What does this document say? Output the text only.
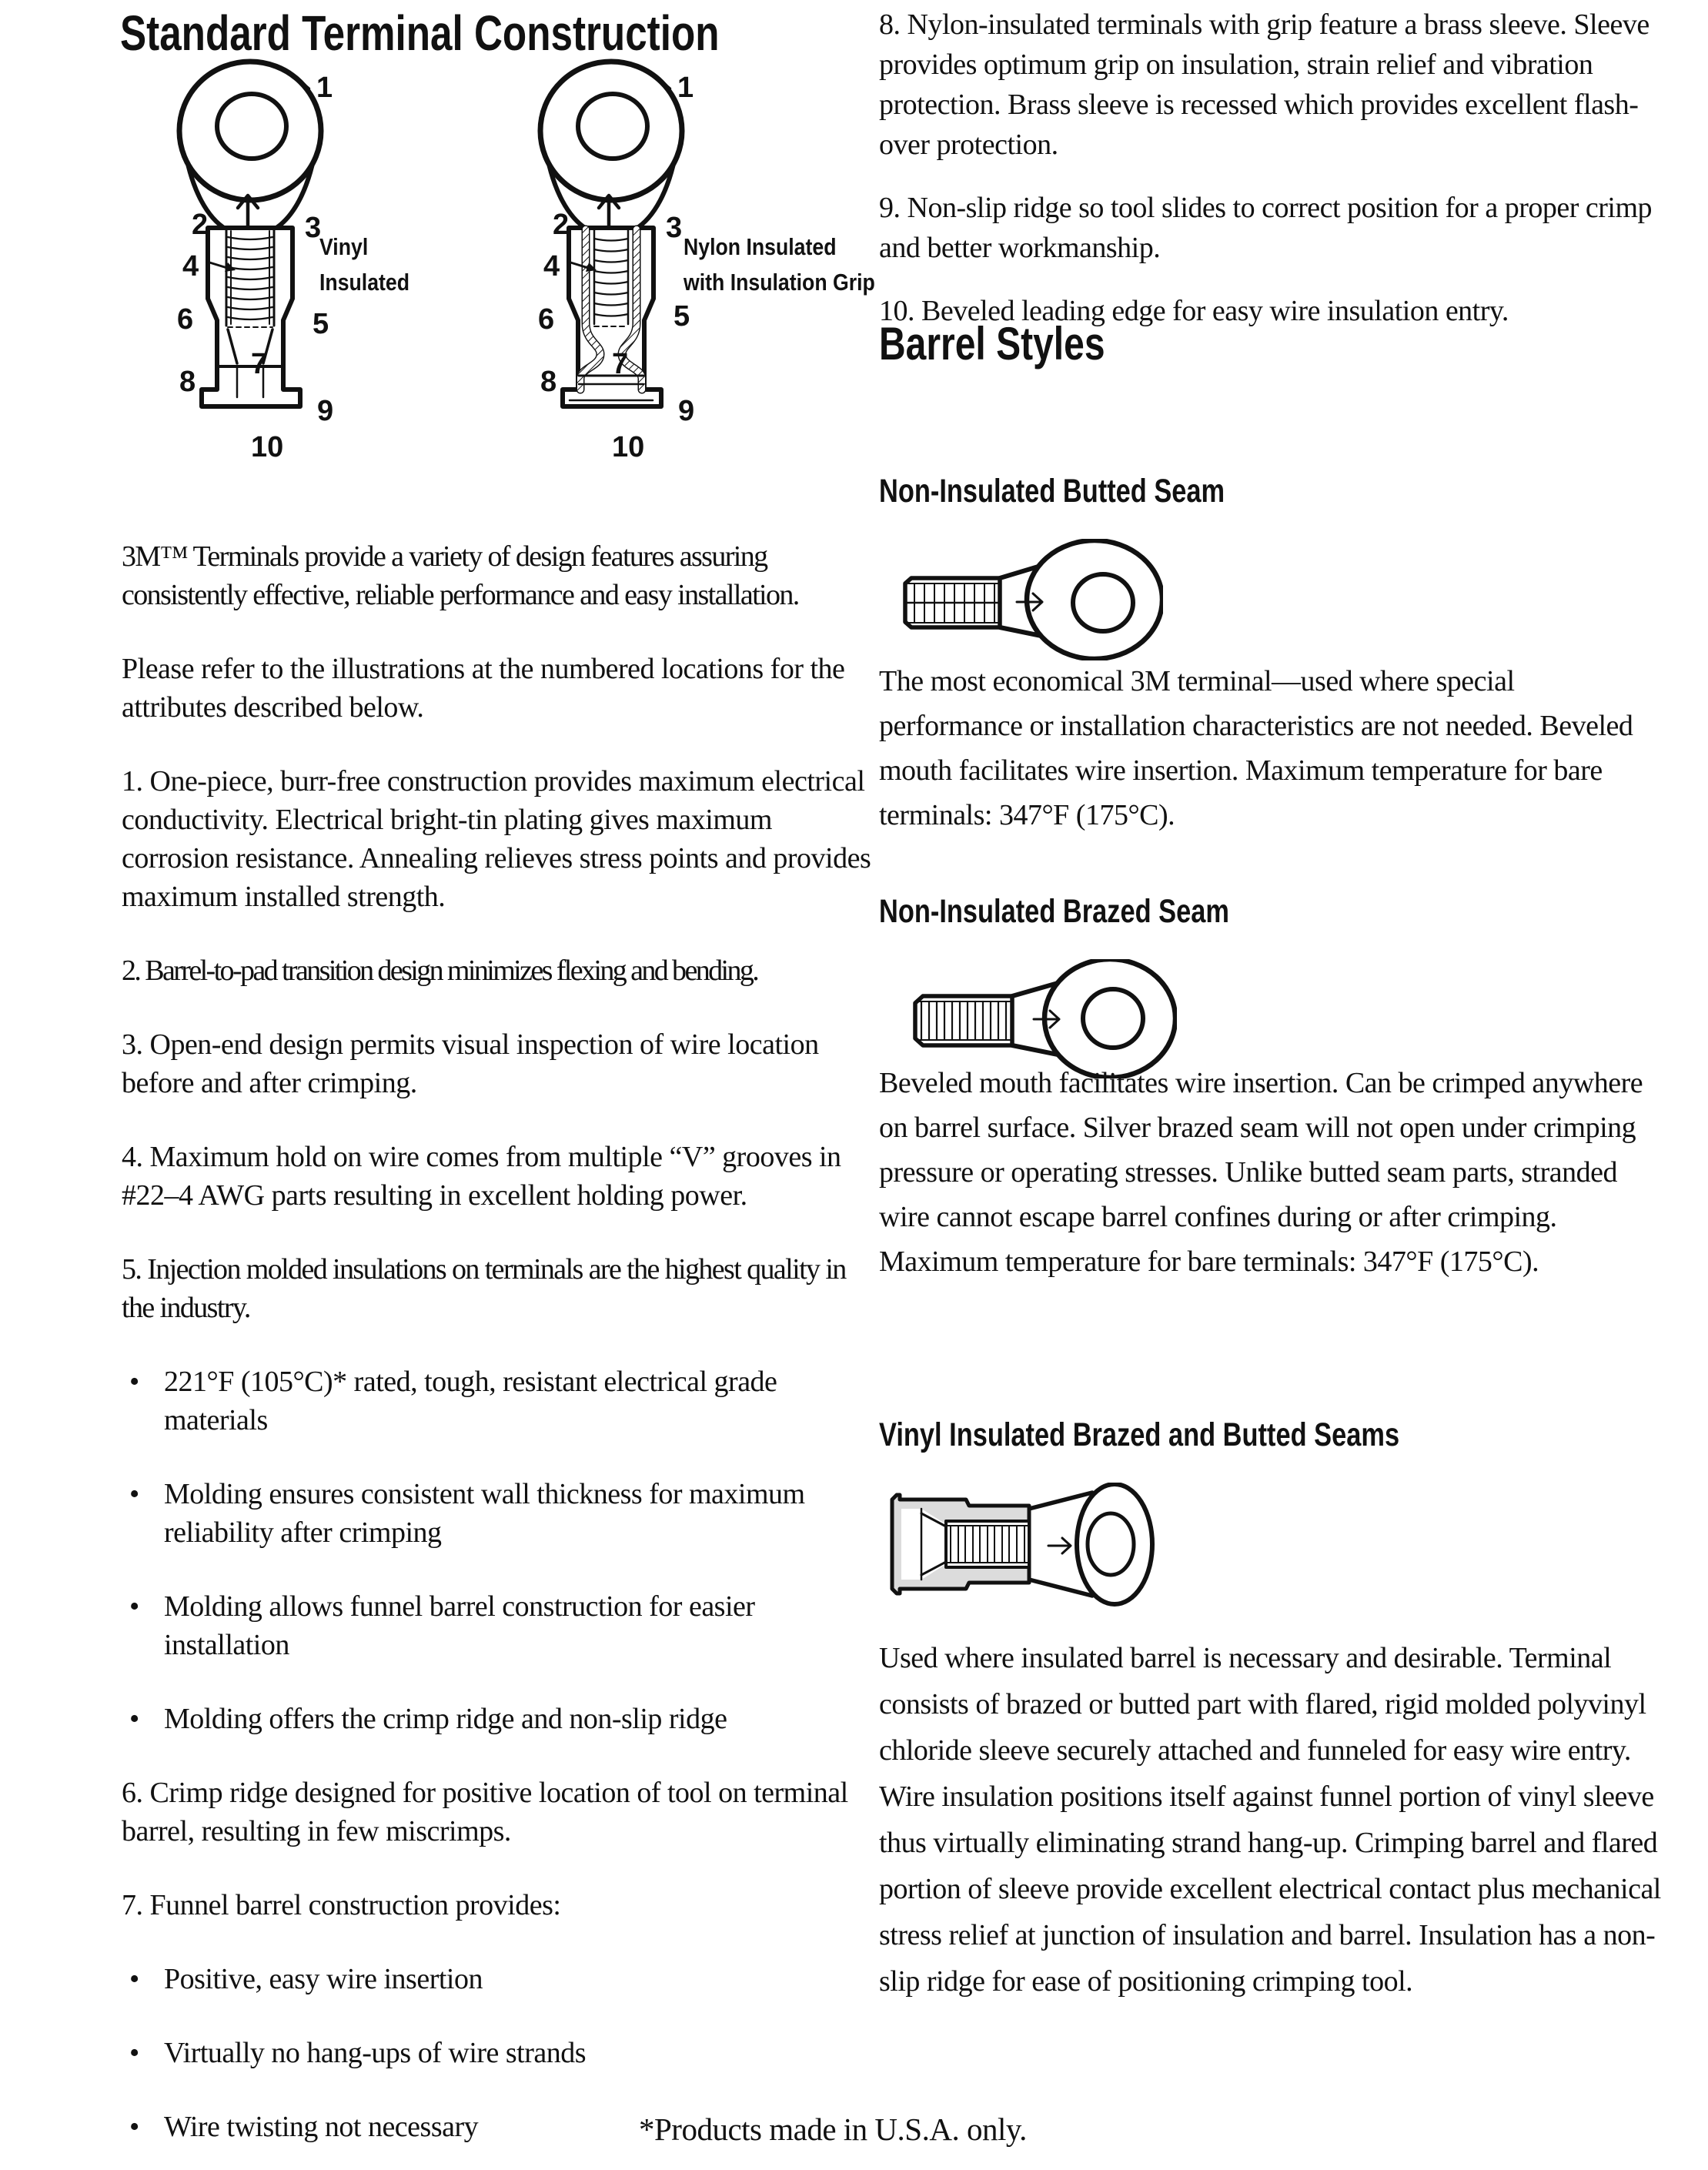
Standard Terminal Construction
1
2	3
4
5
6
7
8
9
10
Vinyl
Insulated
1
2	3
4
5
6
7
8
9
10
Nylon Insulated
with Insulation Grip

3M™ Terminals provide a variety of design features assuring consistently effective, reliable performance and easy installation.

Please refer to the illustrations at the numbered locations for the attributes described below.

1. One-piece, burr-free construction provides maximum electrical conductivity. Electrical bright-tin plating gives maximum corrosion resistance. Annealing relieves stress points and provides maximum installed strength.

2. Barrel-to-pad transition design minimizes flexing and bending.

3. Open-end design permits visual inspection of wire location before and after crimping.

4. Maximum hold on wire comes from multiple “V” grooves in #22–4 AWG parts resulting in excellent holding power.

5. Injection molded insulations on terminals are the highest quality in the industry.

• 221°F (105°C)* rated, tough, resistant electrical grade materials
• Molding ensures consistent wall thickness for maximum reliability after crimping
• Molding allows funnel barrel construction for easier installation
• Molding offers the crimp ridge and non-slip ridge

6. Crimp ridge designed for positive location of tool on terminal barrel, resulting in few miscrimps.

7. Funnel barrel construction provides:

• Positive, easy wire insertion
• Virtually no hang-ups of wire strands
• Wire twisting not necessary

8. Nylon-insulated terminals with grip feature a brass sleeve. Sleeve provides optimum grip on insulation, strain relief and vibration protection. Brass sleeve is recessed which provides excellent flash-over protection.

9. Non-slip ridge so tool slides to correct position for a proper crimp and better workmanship.

10. Beveled leading edge for easy wire insulation entry.

Barrel Styles
Non-Insulated Butted Seam
The most economical 3M terminal—used where special performance or installation characteristics are not needed. Beveled mouth facilitates wire insertion. Maximum temperature for bare terminals: 347°F (175°C).
Non-Insulated Brazed Seam
Beveled mouth facilitates wire insertion. Can be crimped anywhere on barrel surface. Silver brazed seam will not open under crimping pressure or operating stresses. Unlike butted seam parts, stranded wire cannot escape barrel confines during or after crimping. Maximum temperature for bare terminals: 347°F (175°C).
Vinyl Insulated Brazed and Butted Seams
Used where insulated barrel is necessary and desirable. Terminal consists of brazed or butted part with flared, rigid molded polyvinyl chloride sleeve securely attached and funneled for easy wire entry. Wire insulation positions itself against funnel portion of vinyl sleeve thus virtually eliminating strand hang-up. Crimping barrel and flared portion of sleeve provide excellent electrical contact plus mechanical stress relief at junction of insulation and barrel. Insulation has a non-slip ridge for ease of positioning crimping tool.
*Products made in U.S.A. only.
